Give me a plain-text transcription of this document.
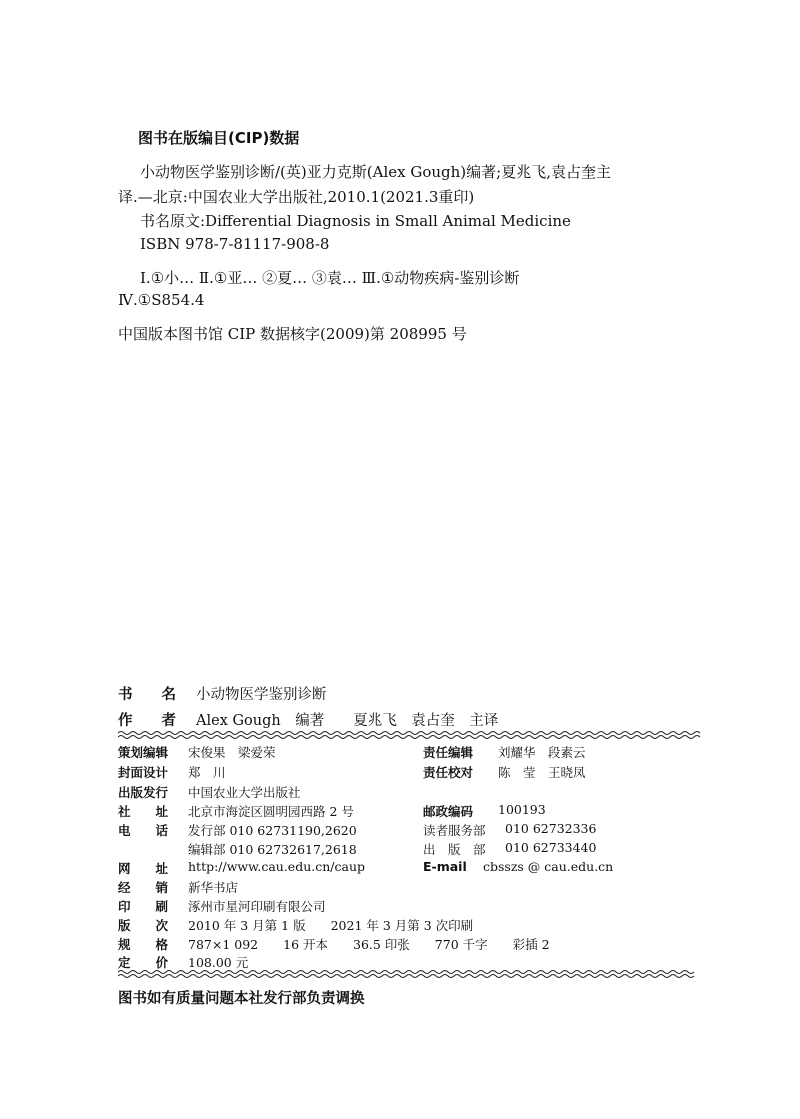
图书在版编目(CIP)数据
小动物医学鉴别诊断/(英)亚力克斯(Alex Gough)编著;夏兆飞,袁占奎主
译.—北京:中国农业大学出版社,2010.1(2021.3重印)
书名原文:Differential Diagnosis in Small Animal Medicine
ISBN 978-7-81117-908-8
Ⅰ.①小… Ⅱ.①亚… ②夏… ③袁… Ⅲ.①动物疾病-鉴别诊断
Ⅳ.①S854.4
中国版本图书馆 CIP 数据核字(2009)第 208995 号
书　　名 小动物医学鉴别诊断
作　　者 Alex Gough　编著　　夏兆飞　袁占奎　主译
策划编辑 宋俊果　梁爱荣	责任编辑 刘耀华　段素云
封面设计 郑　川	责任校对 陈　莹　王晓凤
出版发行 中国农业大学出版社
社　　址 北京市海淀区圆明园西路 2 号	邮政编码 100193
电　　话 发行部 010 62731190,2620	读者服务部 010 62732336
编辑部 010 62732617,2618	出　版　部 010 62733440
网　　址 http://www.cau.edu.cn/caup	E-mail cbsszs @ cau.edu.cn
经　　销 新华书店
印　　刷 涿州市星河印刷有限公司
版　　次 2010 年 3 月第 1 版　　2021 年 3 月第 3 次印刷
规　　格 787×1 092　　16 开本　　36.5 印张　　770 千字　　彩插 2
定　　价 108.00 元
图书如有质量问题本社发行部负责调换
